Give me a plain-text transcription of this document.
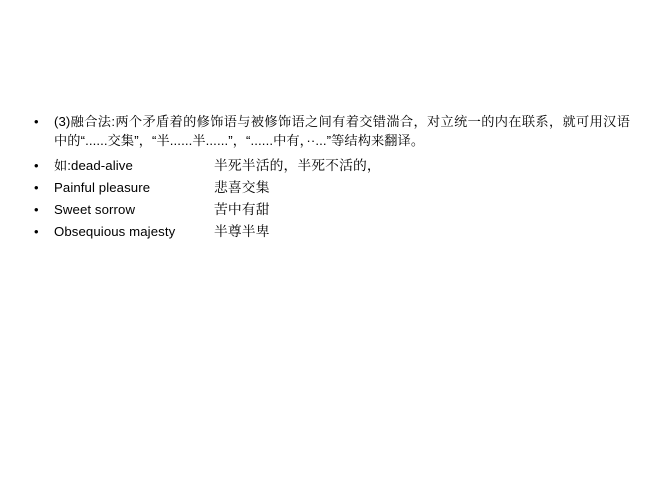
•	(3)融合法:两个矛盾着的修饰语与被修饰语之间有着交错湍合，对立统一的内在联系，就可用汉语中的“......交集”，“半......半......”，“......中有，··...”等结构来翻译。
•	如:dead-alive	半死半活的，半死不活的，
•	Painful pleasure	悲喜交集
•	Sweet sorrow	苦中有甜
•	Obsequious majesty	半尊半卑
